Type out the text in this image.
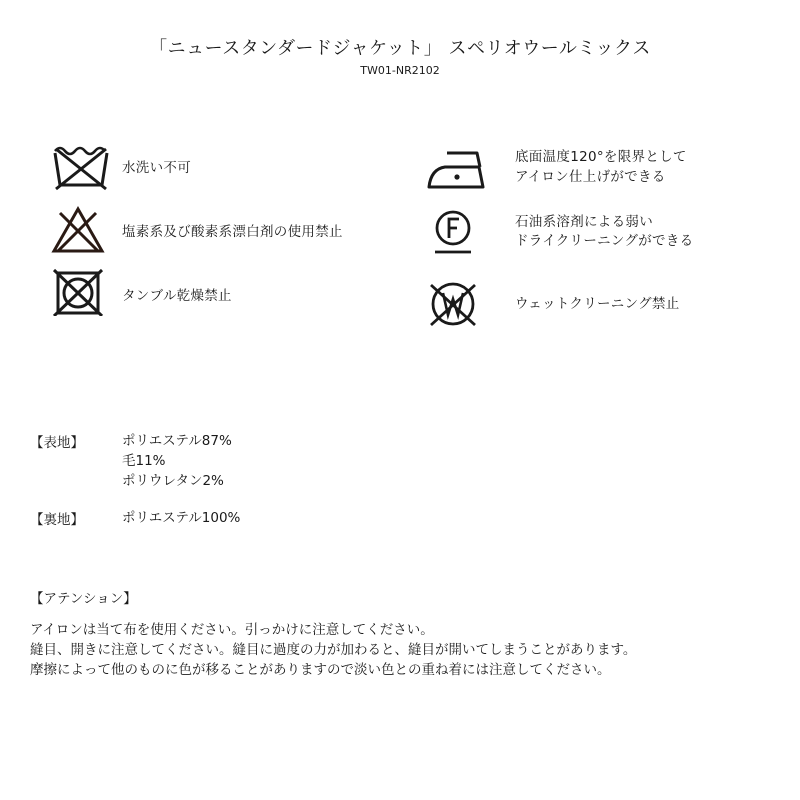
「ニュースタンダードジャケット」 スペリオウールミックス
TW01-NR2102
水洗い不可
塩素系及び酸素系漂白剤の使用禁止
タンブル乾燥禁止
底面温度120°を限界として
アイロン仕上げができる
石油系溶剤による弱い
ドライクリーニングができる
ウェットクリーニング禁止
【表地】	ポリエステル87%
毛11%
ポリウレタン2%
【裏地】	ポリエステル100%
【アテンション】
アイロンは当て布を使用ください。引っかけに注意してください。
縫目、開きに注意してください。縫目に過度の力が加わると、縫目が開いてしまうことがあります。
摩擦によって他のものに色が移ることがありますので淡い色との重ね着には注意してください。
